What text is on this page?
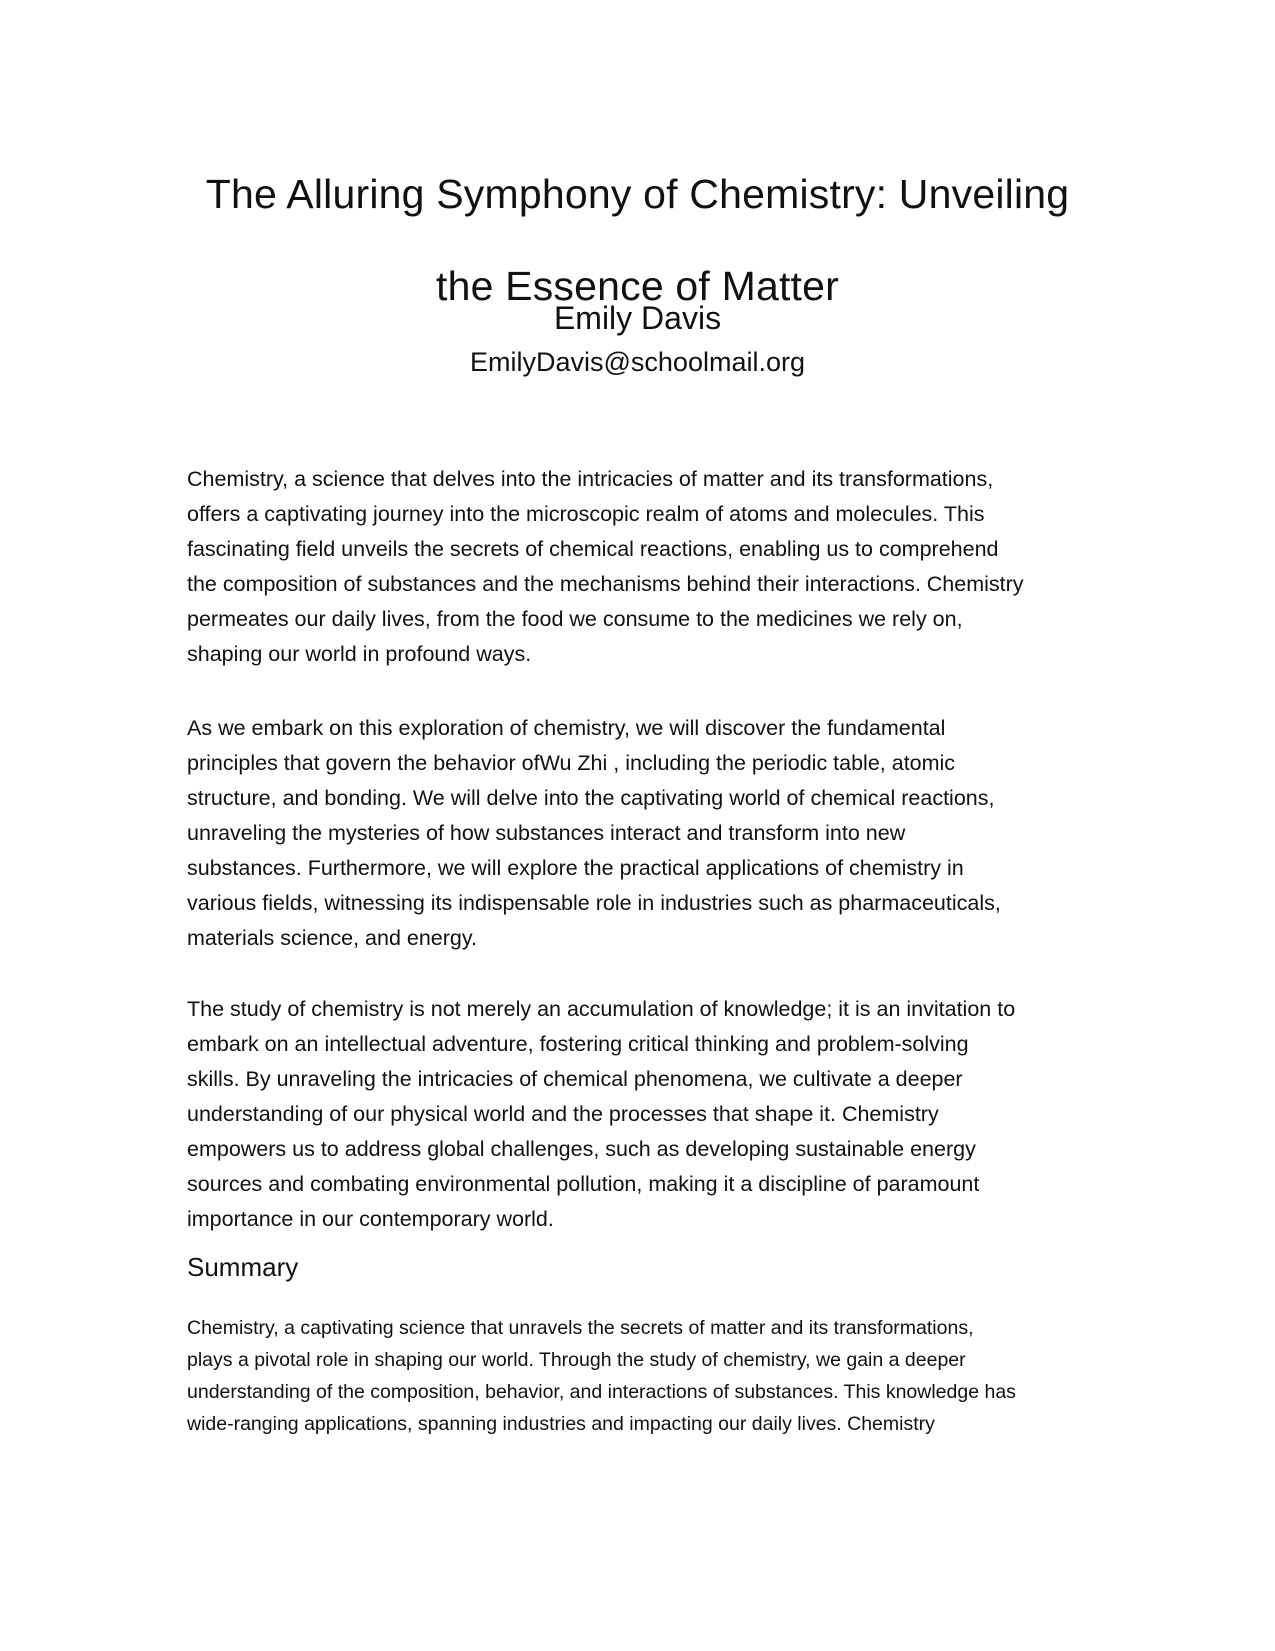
The Alluring Symphony of Chemistry: Unveiling
the Essence of Matter
Emily Davis
EmilyDavis@schoolmail.org
Chemistry, a science that delves into the intricacies of matter and its transformations,
offers a captivating journey into the microscopic realm of atoms and molecules. This
fascinating field unveils the secrets of chemical reactions, enabling us to comprehend
the composition of substances and the mechanisms behind their interactions. Chemistry
permeates our daily lives, from the food we consume to the medicines we rely on,
shaping our world in profound ways.
As we embark on this exploration of chemistry, we will discover the fundamental
principles that govern the behavior ofWu Zhi , including the periodic table, atomic
structure, and bonding. We will delve into the captivating world of chemical reactions,
unraveling the mysteries of how substances interact and transform into new
substances. Furthermore, we will explore the practical applications of chemistry in
various fields, witnessing its indispensable role in industries such as pharmaceuticals,
materials science, and energy.
The study of chemistry is not merely an accumulation of knowledge; it is an invitation to
embark on an intellectual adventure, fostering critical thinking and problem-solving
skills. By unraveling the intricacies of chemical phenomena, we cultivate a deeper
understanding of our physical world and the processes that shape it. Chemistry
empowers us to address global challenges, such as developing sustainable energy
sources and combating environmental pollution, making it a discipline of paramount
importance in our contemporary world.
Summary
Chemistry, a captivating science that unravels the secrets of matter and its transformations,
plays a pivotal role in shaping our world. Through the study of chemistry, we gain a deeper
understanding of the composition, behavior, and interactions of substances. This knowledge has
wide-ranging applications, spanning industries and impacting our daily lives. Chemistry
